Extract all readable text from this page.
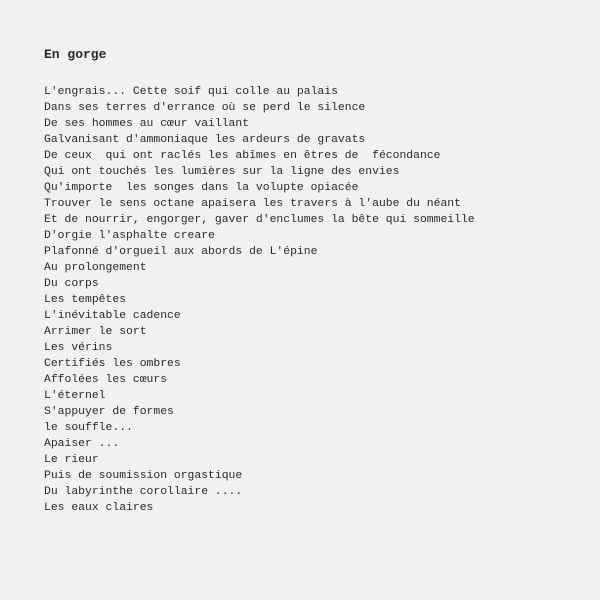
En gorge
L'engrais... Cette soif qui colle au palais
Dans ses terres d'errance où se perd le silence
De ses hommes au cœur vaillant
Galvanisant d'ammoniaque les ardeurs de gravats
De ceux  qui ont raclés les abîmes en êtres de  fécondance
Qui ont touchés les lumières sur la ligne des envies
Qu'importe  les songes dans la volupte opiacée
Trouver le sens octane apaisera les travers à l'aube du néant
Et de nourrir, engorger, gaver d'enclumes la bête qui sommeille
D'orgie l'asphalte creare
Plafonné d'orgueil aux abords de L'épine
Au prolongement
Du corps
Les tempêtes
L'inévitable cadence
Arrimer le sort
Les vérins
Certifiés les ombres
Affolées les cœurs
L'éternel
S'appuyer de formes
le souffle...
Apaiser ...
Le rieur
Puis de soumission orgastique
Du labyrinthe corollaire ....
Les eaux claires
